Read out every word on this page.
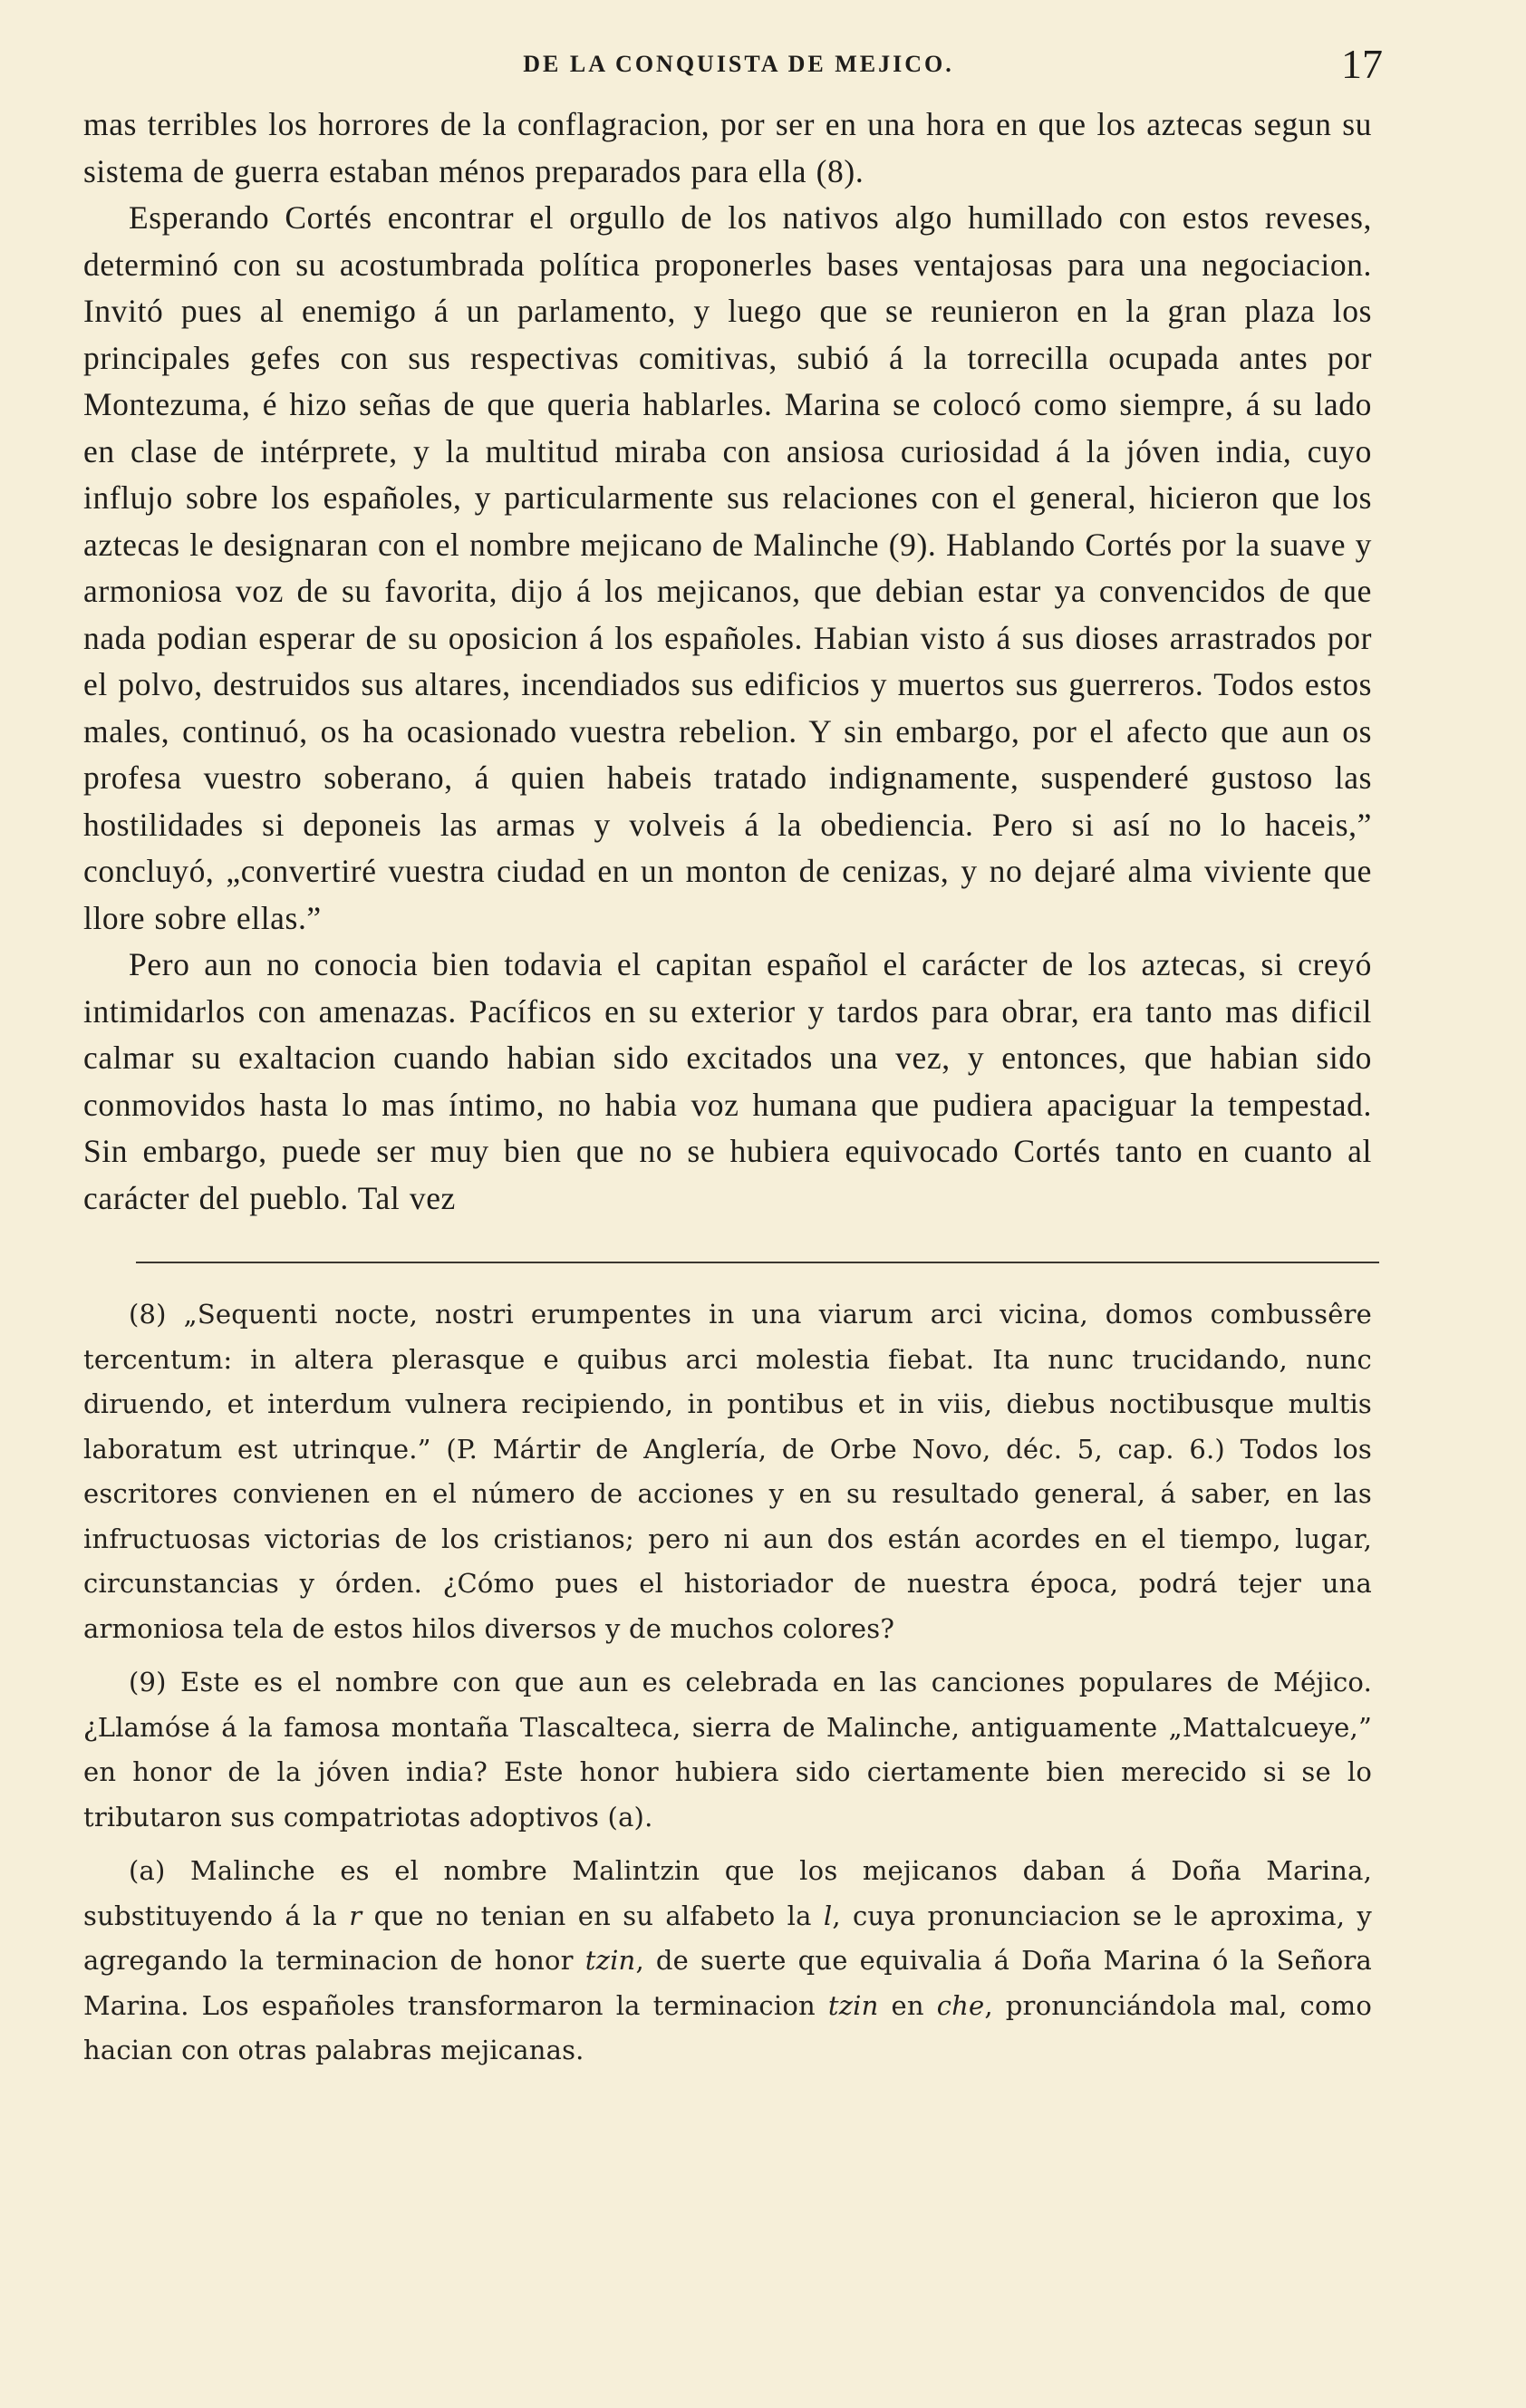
DE LA CONQUISTA DE MEJICO.	17

mas terribles los horrores de la conflagracion, por ser en una hora en que los aztecas segun su sistema de guerra estaban ménos preparados para ella (8).

Esperando Cortés encontrar el orgullo de los nativos algo humillado con estos reveses, determinó con su acostumbrada política proponerles bases ventajosas para una negociacion. Invitó pues al enemigo á un parlamento, y luego que se reunieron en la gran plaza los principales gefes con sus respectivas comitivas, subió á la torrecilla ocupada antes por Montezuma, é hizo señas de que queria hablarles. Marina se colocó como siempre, á su lado en clase de intérprete, y la multitud miraba con ansiosa curiosidad á la jóven india, cuyo influjo sobre los españoles, y particularmente sus relaciones con el general, hicieron que los aztecas le designaran con el nombre mejicano de Malinche (9). Hablando Cortés por la suave y armoniosa voz de su favorita, dijo á los mejicanos, que debian estar ya convencidos de que nada podian esperar de su oposicion á los españoles. Habian visto á sus dioses arrastrados por el polvo, destruidos sus altares, incendiados sus edificios y muertos sus guerreros. Todos estos males, continuó, os ha ocasionado vuestra rebelion. Y sin embargo, por el afecto que aun os profesa vuestro soberano, á quien habeis tratado indignamente, suspenderé gustoso las hostilidades si deponeis las armas y volveis á la obediencia. Pero si así no lo haceis,” concluyó, „convertiré vuestra ciudad en un monton de cenizas, y no dejaré alma viviente que llore sobre ellas.”

Pero aun no conocia bien todavia el capitan español el carácter de los aztecas, si creyó intimidarlos con amenazas. Pacíficos en su exterior y tardos para obrar, era tanto mas dificil calmar su exaltacion cuando habian sido excitados una vez, y entonces, que habian sido conmovidos hasta lo mas íntimo, no habia voz humana que pudiera apaciguar la tempestad. Sin embargo, puede ser muy bien que no se hubiera equivocado Cortés tanto en cuanto al carácter del pueblo. Tal vez

(8) „Sequenti nocte, nostri erumpentes in una viarum arci vicina, domos combussêre tercentum: in altera plerasque e quibus arci molestia fiebat. Ita nunc trucidando, nunc diruendo, et interdum vulnera recipiendo, in pontibus et in viis, diebus noctibusque multis laboratum est utrinque.” (P. Mártir de Anglería, de Orbe Novo, déc. 5, cap. 6.) Todos los escritores convienen en el número de acciones y en su resultado general, á saber, en las infructuosas victorias de los cristianos; pero ni aun dos están acordes en el tiempo, lugar, circunstancias y órden. ¿Cómo pues el historiador de nuestra época, podrá tejer una armoniosa tela de estos hilos diversos y de muchos colores?

(9) Este es el nombre con que aun es celebrada en las canciones populares de Méjico. ¿Llamóse á la famosa montaña Tlascalteca, sierra de Malinche, antiguamente „Mattalcueye,” en honor de la jóven india? Este honor hubiera sido ciertamente bien merecido si se lo tributaron sus compatriotas adoptivos (a).

(a) Malinche es el nombre Malintzin que los mejicanos daban á Doña Marina, substituyendo á la r que no tenian en su alfabeto la l, cuya pronunciacion se le aproxima, y agregando la terminacion de honor tzin, de suerte que equivalia á Doña Marina ó la Señora Marina. Los españoles transformaron la terminacion tzin en che, pronunciándola mal, como hacian con otras palabras mejicanas.
